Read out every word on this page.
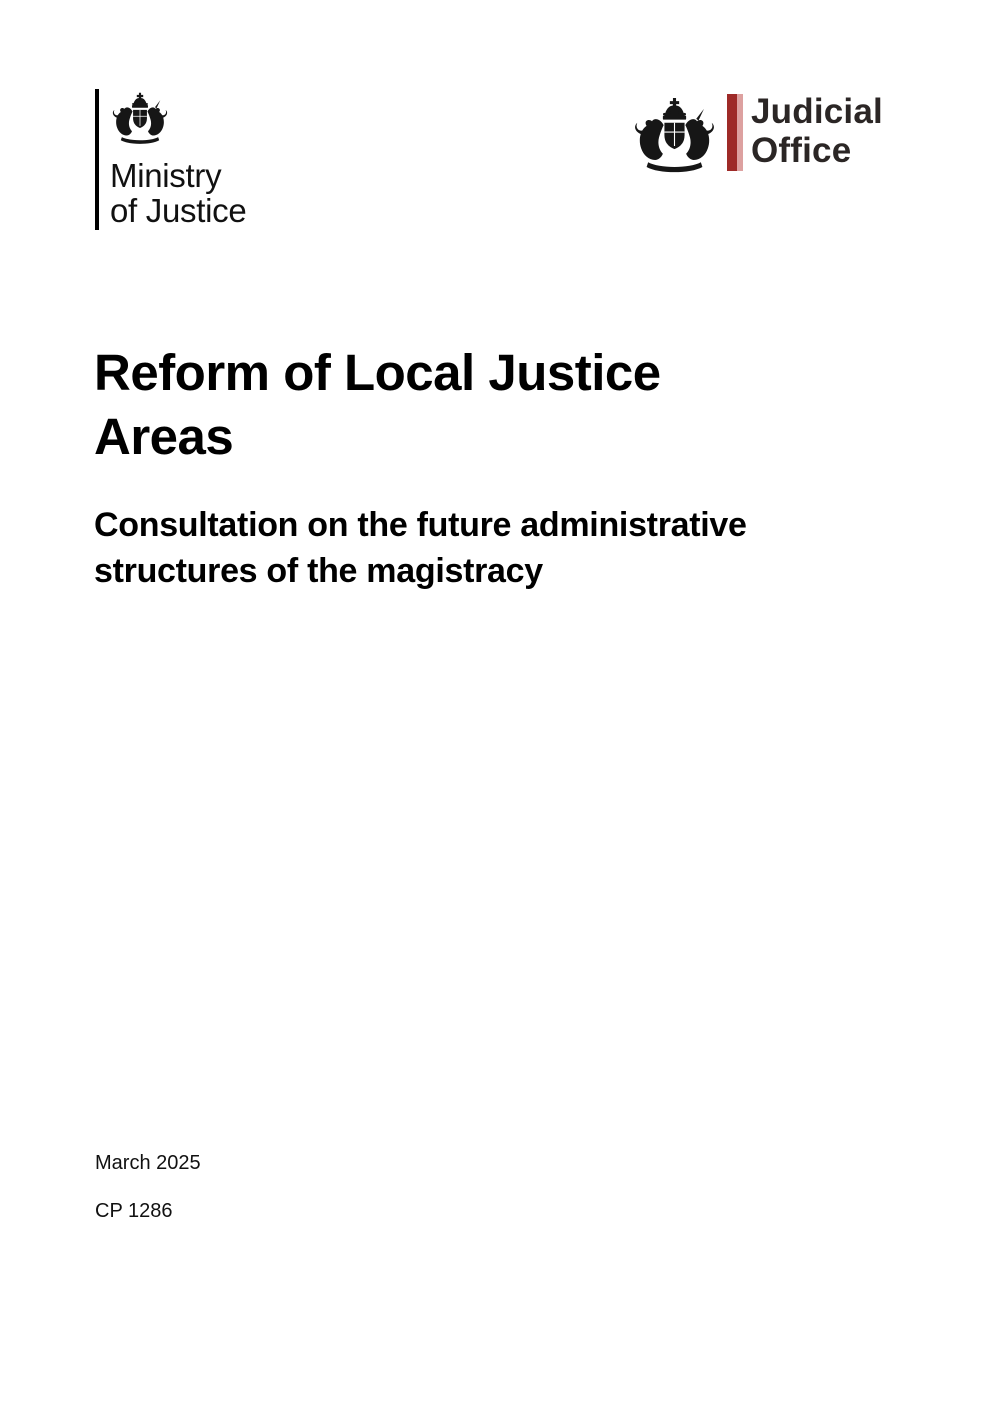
Ministry
of Justice
Judicial
Office
Reform of Local Justice
Areas
Consultation on the future administrative
structures of the magistracy
March 2025
CP 1286
